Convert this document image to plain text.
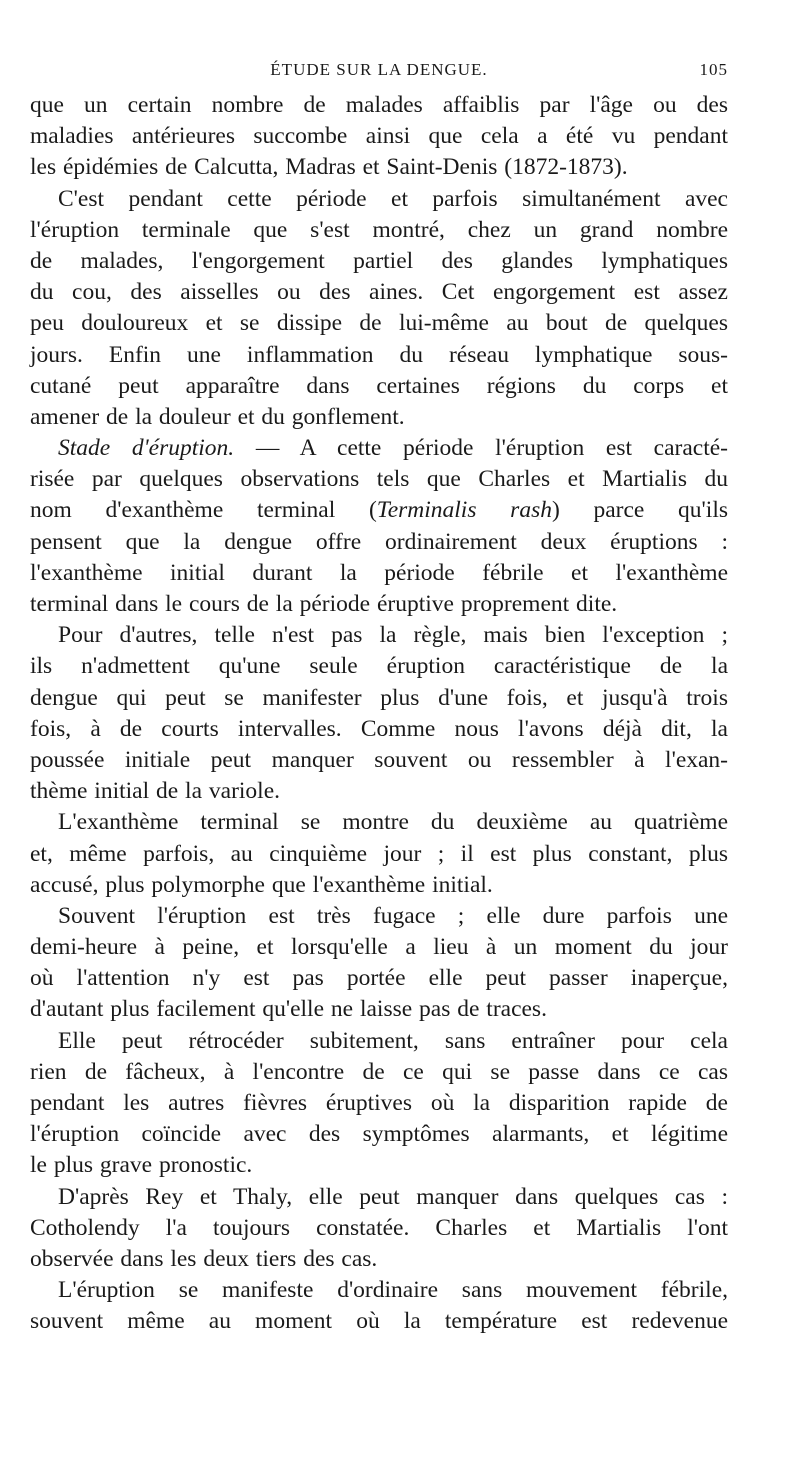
ÉTUDE SUR LA DENGUE.	105

que un certain nombre de malades affaiblis par l'âge ou des
maladies antérieures succombe ainsi que cela a été vu pendant
les épidémies de Calcutta, Madras et Saint-Denis (1872-1873).

C'est pendant cette période et parfois simultanément avec
l'éruption terminale que s'est montré, chez un grand nombre
de malades, l'engorgement partiel des glandes lymphatiques
du cou, des aisselles ou des aines. Cet engorgement est assez
peu douloureux et se dissipe de lui-même au bout de quelques
jours. Enfin une inflammation du réseau lymphatique sous-
cutané peut apparaître dans certaines régions du corps et
amener de la douleur et du gonflement.

Stade d'éruption. — A cette période l'éruption est caracté-
risée par quelques observations tels que Charles et Martialis du
nom d'exanthème terminal (Terminalis rash) parce qu'ils
pensent que la dengue offre ordinairement deux éruptions :
l'exanthème initial durant la période fébrile et l'exanthème
terminal dans le cours de la période éruptive proprement dite.

Pour d'autres, telle n'est pas la règle, mais bien l'exception ;
ils n'admettent qu'une seule éruption caractéristique de la
dengue qui peut se manifester plus d'une fois, et jusqu'à trois
fois, à de courts intervalles. Comme nous l'avons déjà dit, la
poussée initiale peut manquer souvent ou ressembler à l'exan-
thème initial de la variole.

L'exanthème terminal se montre du deuxième au quatrième
et, même parfois, au cinquième jour ; il est plus constant, plus
accusé, plus polymorphe que l'exanthème initial.

Souvent l'éruption est très fugace ; elle dure parfois une
demi-heure à peine, et lorsqu'elle a lieu à un moment du jour
où l'attention n'y est pas portée elle peut passer inaperçue,
d'autant plus facilement qu'elle ne laisse pas de traces.

Elle peut rétrocéder subitement, sans entraîner pour cela
rien de fâcheux, à l'encontre de ce qui se passe dans ce cas
pendant les autres fièvres éruptives où la disparition rapide de
l'éruption coïncide avec des symptômes alarmants, et légitime
le plus grave pronostic.

D'après Rey et Thaly, elle peut manquer dans quelques cas :
Cotholendy l'a toujours constatée. Charles et Martialis l'ont
observée dans les deux tiers des cas.

L'éruption se manifeste d'ordinaire sans mouvement fébrile,
souvent même au moment où la température est redevenue
